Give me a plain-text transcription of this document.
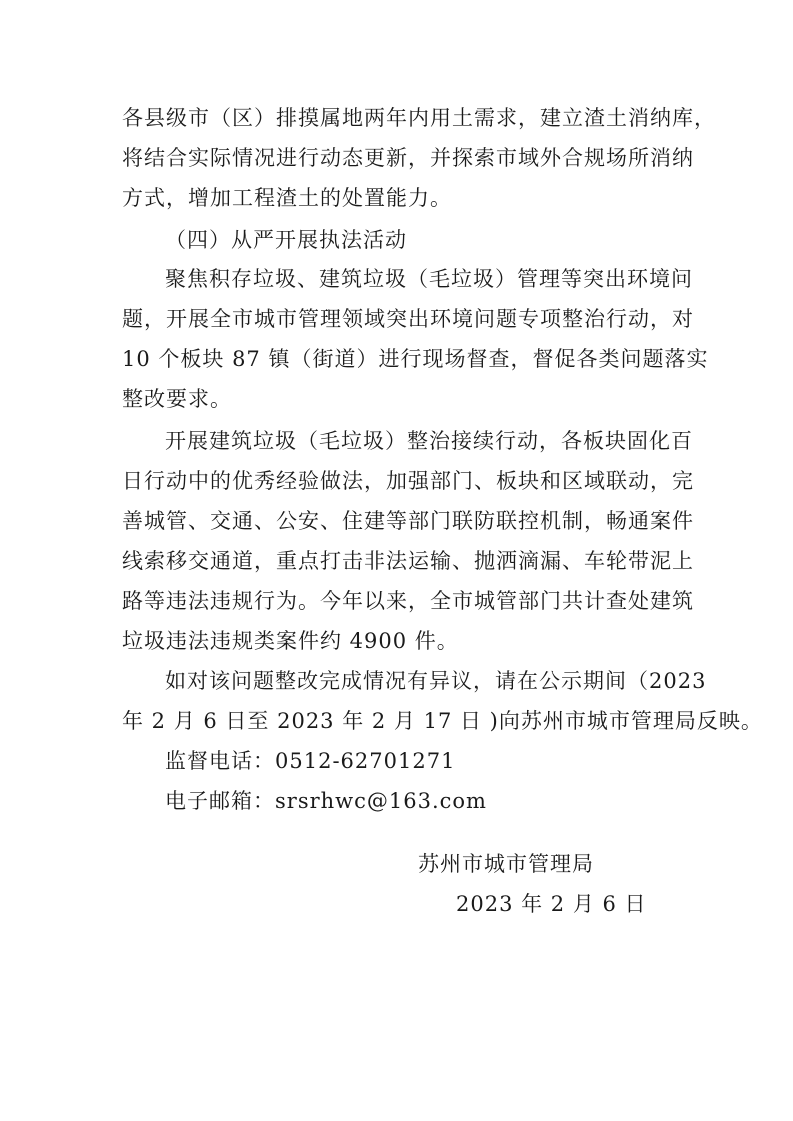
各县级市（区）排摸属地两年内用土需求，建立渣土消纳库，
将结合实际情况进行动态更新，并探索市域外合规场所消纳
方式，增加工程渣土的处置能力。
（四）从严开展执法活动
聚焦积存垃圾、建筑垃圾（毛垃圾）管理等突出环境问
题，开展全市城市管理领域突出环境问题专项整治行动，对
10 个板块 87 镇（街道）进行现场督查，督促各类问题落实
整改要求。
开展建筑垃圾（毛垃圾）整治接续行动，各板块固化百
日行动中的优秀经验做法，加强部门、板块和区域联动，完
善城管、交通、公安、住建等部门联防联控机制，畅通案件
线索移交通道，重点打击非法运输、抛洒滴漏、车轮带泥上
路等违法违规行为。今年以来，全市城管部门共计查处建筑
垃圾违法违规类案件约 4900 件。
如对该问题整改完成情况有异议，请在公示期间（2023
年 2 月 6 日至 2023 年 2 月 17 日 )向苏州市城市管理局反映。
监督电话：0512-62701271
电子邮箱：srsrhwc@163.com
苏州市城市管理局
2023 年 2 月 6 日
